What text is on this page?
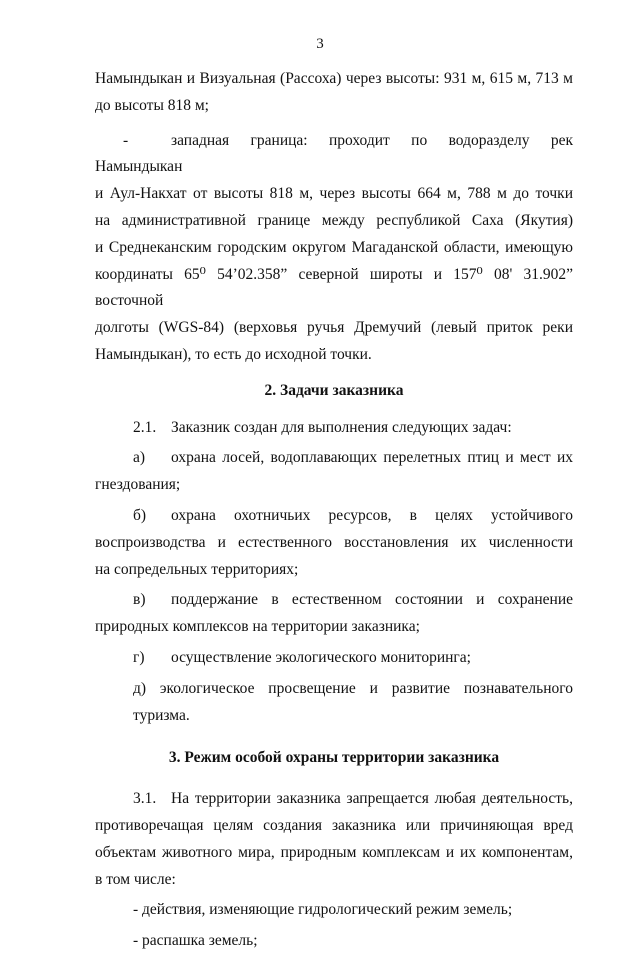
3

Намындыкан и Визуальная (Рассоха) через высоты: 931 м, 615 м, 713 м

до высоты 818 м;

-	западная граница: проходит по водоразделу рек Намындыкан

и Аул-Накхат от высоты 818 м, через высоты 664 м, 788 м до точки

на административной границе между республикой Саха (Якутия)

и Среднеканским городским округом Магаданской области, имеющую

координаты 65⁰ 54’02.358” северной широты и 157⁰ 08' 31.902” восточной

долготы (WGS-84) (верховья ручья Дремучий (левый приток реки

Намындыкан), то есть до исходной точки.

2. Задачи заказника

2.1. Заказник создан для выполнения следующих задач:

а) охрана лосей, водоплавающих перелетных птиц и мест их

гнездования;

б) охрана охотничьих ресурсов, в целях устойчивого

воспроизводства и естественного восстановления их численности

на сопредельных территориях;

в) поддержание в естественном состоянии и сохранение

природных комплексов на территории заказника;

г) осуществление экологического мониторинга;

д) экологическое просвещение и развитие познавательного туризма.

3. Режим особой охраны территории заказника

3.1. На территории заказника запрещается любая деятельность,

противоречащая целям создания заказника или причиняющая вред

объектам животного мира, природным комплексам и их компонентам,

в том числе:

- действия, изменяющие гидрологический режим земель;

- распашка земель;
